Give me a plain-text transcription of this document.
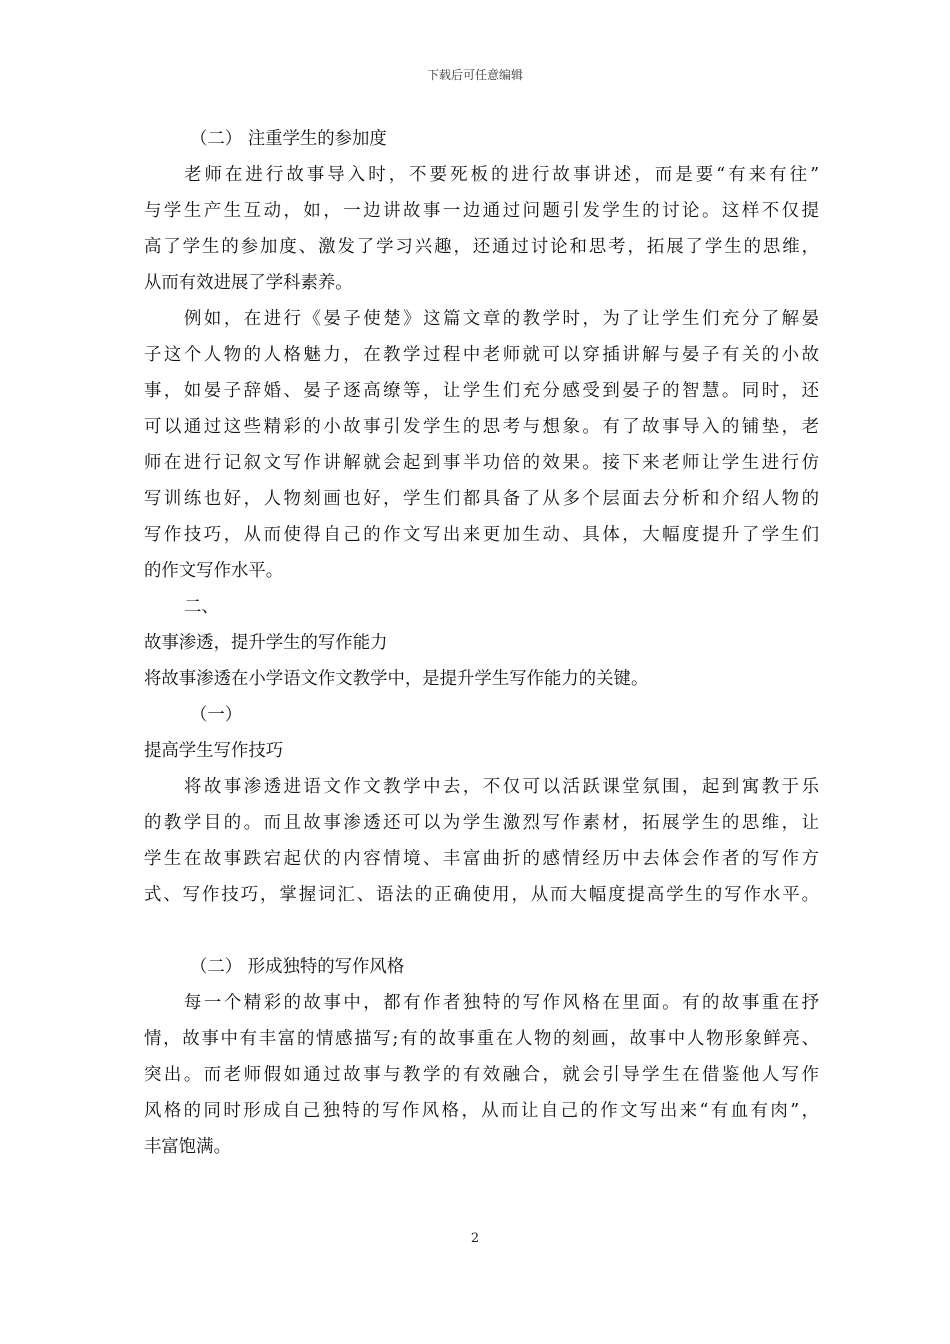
下载后可任意编辑
（二） 注重学生的参加度
老师在进行故事导入时，不要死板的进行故事讲述，而是要“有来有往”
与学生产生互动，如，一边讲故事一边通过问题引发学生的讨论。这样不仅提
高了学生的参加度、激发了学习兴趣，还通过讨论和思考，拓展了学生的思维，
从而有效进展了学科素养。
例如，在进行《晏子使楚》这篇文章的教学时，为了让学生们充分了解晏
子这个人物的人格魅力，在教学过程中老师就可以穿插讲解与晏子有关的小故
事，如晏子辞婚、晏子逐高缭等，让学生们充分感受到晏子的智慧。同时，还
可以通过这些精彩的小故事引发学生的思考与想象。有了故事导入的铺垫，老
师在进行记叙文写作讲解就会起到事半功倍的效果。接下来老师让学生进行仿
写训练也好，人物刻画也好，学生们都具备了从多个层面去分析和介绍人物的
写作技巧，从而使得自己的作文写出来更加生动、具体，大幅度提升了学生们
的作文写作水平。
二、
故事渗透，提升学生的写作能力
将故事渗透在小学语文作文教学中，是提升学生写作能力的关键。
（一）
提高学生写作技巧
将故事渗透进语文作文教学中去，不仅可以活跃课堂氛围，起到寓教于乐
的教学目的。而且故事渗透还可以为学生激烈写作素材，拓展学生的思维，让
学生在故事跌宕起伏的内容情境、丰富曲折的感情经历中去体会作者的写作方
式、写作技巧，掌握词汇、语法的正确使用，从而大幅度提高学生的写作水平。
（二） 形成独特的写作风格
每一个精彩的故事中，都有作者独特的写作风格在里面。有的故事重在抒
情，故事中有丰富的情感描写;有的故事重在人物的刻画，故事中人物形象鲜亮、
突出。而老师假如通过故事与教学的有效融合，就会引导学生在借鉴他人写作
风格的同时形成自己独特的写作风格，从而让自己的作文写出来“有血有肉”，
丰富饱满。
2
